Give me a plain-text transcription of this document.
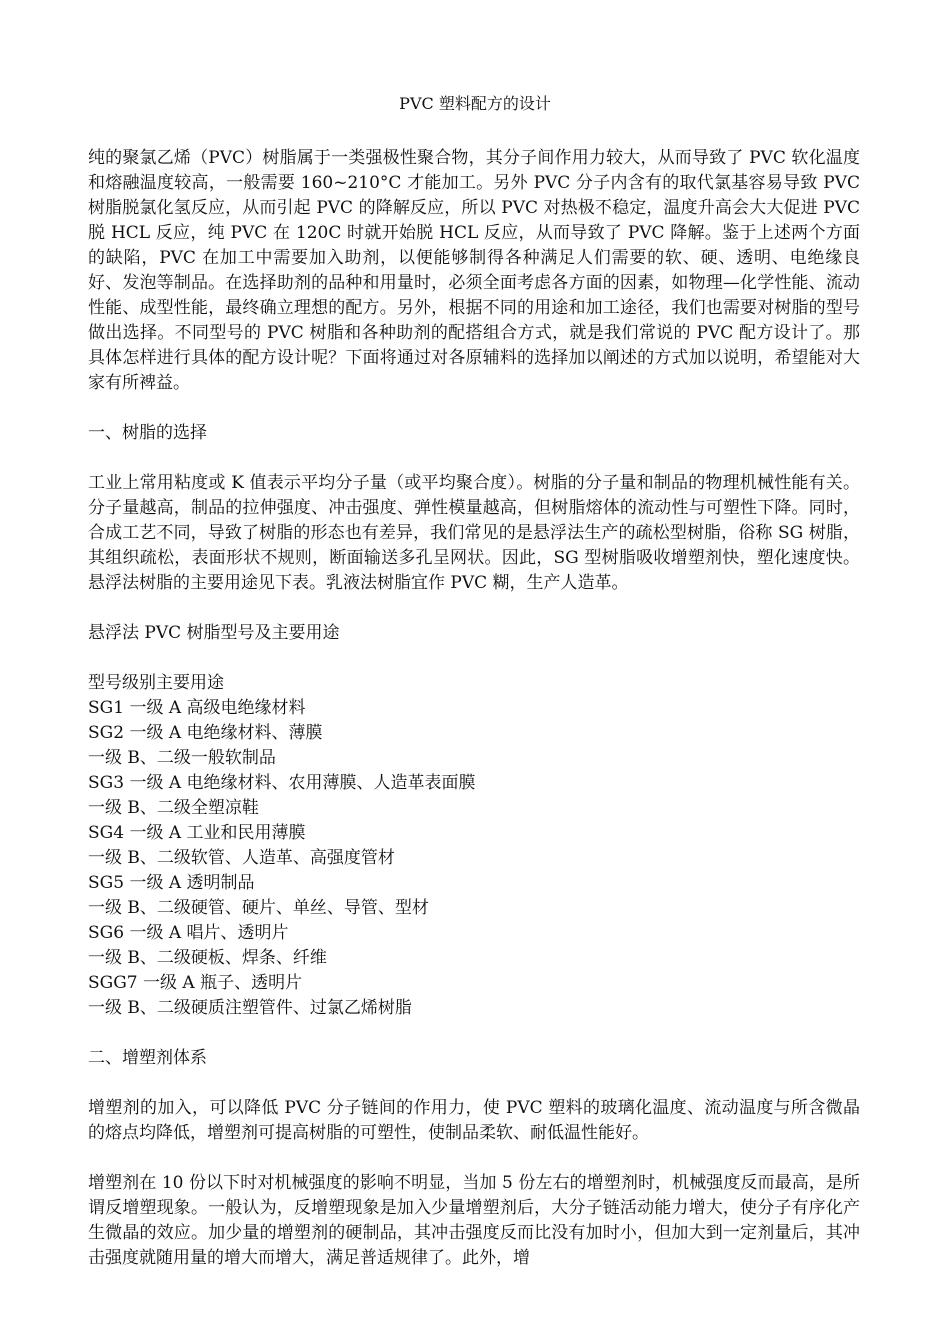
PVC 塑料配方的设计

纯的聚氯乙烯（PVC）树脂属于一类强极性聚合物，其分子间作用力较大，从而导致了 PVC 软化温度和熔融温度较高，一般需要 160~210°C 才能加工。另外 PVC 分子内含有的取代氯基容易导致 PVC 树脂脱氯化氢反应，从而引起 PVC 的降解反应，所以 PVC 对热极不稳定，温度升高会大大促进 PVC 脱 HCL 反应，纯 PVC 在 120C 时就开始脱 HCL 反应，从而导致了 PVC 降解。鉴于上述两个方面的缺陷，PVC 在加工中需要加入助剂，以便能够制得各种满足人们需要的软、硬、透明、电绝缘良好、发泡等制品。在选择助剂的品种和用量时，必须全面考虑各方面的因素，如物理—化学性能、流动性能、成型性能，最终确立理想的配方。另外，根据不同的用途和加工途径，我们也需要对树脂的型号做出选择。不同型号的 PVC 树脂和各种助剂的配搭组合方式，就是我们常说的 PVC 配方设计了。那具体怎样进行具体的配方设计呢？下面将通过对各原辅料的选择加以阐述的方式加以说明，希望能对大家有所裨益。

一、树脂的选择

工业上常用粘度或 K 值表示平均分子量（或平均聚合度）。树脂的分子量和制品的物理机械性能有关。分子量越高，制品的拉伸强度、冲击强度、弹性模量越高，但树脂熔体的流动性与可塑性下降。同时，合成工艺不同，导致了树脂的形态也有差异，我们常见的是悬浮法生产的疏松型树脂，俗称 SG 树脂，其组织疏松，表面形状不规则，断面输送多孔呈网状。因此，SG 型树脂吸收增塑剂快，塑化速度快。悬浮法树脂的主要用途见下表。乳液法树脂宜作 PVC 糊，生产人造革。

悬浮法 PVC 树脂型号及主要用途

型号级别主要用途
SG1 一级 A 高级电绝缘材料
SG2 一级 A 电绝缘材料、薄膜
一级 B、二级一般软制品
SG3 一级 A 电绝缘材料、农用薄膜、人造革表面膜
一级 B、二级全塑凉鞋
SG4 一级 A 工业和民用薄膜
一级 B、二级软管、人造革、高强度管材
SG5 一级 A 透明制品
一级 B、二级硬管、硬片、单丝、导管、型材
SG6 一级 A 唱片、透明片
一级 B、二级硬板、焊条、纤维
SGG7 一级 A 瓶子、透明片
一级 B、二级硬质注塑管件、过氯乙烯树脂
二、增塑剂体系

增塑剂的加入，可以降低 PVC 分子链间的作用力，使 PVC 塑料的玻璃化温度、流动温度与所含微晶的熔点均降低，增塑剂可提高树脂的可塑性，使制品柔软、耐低温性能好。

增塑剂在 10 份以下时对机械强度的影响不明显，当加 5 份左右的增塑剂时，机械强度反而最高，是所谓反增塑现象。一般认为，反增塑现象是加入少量增塑剂后，大分子链活动能力增大，使分子有序化产生微晶的效应。加少量的增塑剂的硬制品，其冲击强度反而比没有加时小，但加大到一定剂量后，其冲击强度就随用量的增大而增大，满足普适规律了。此外，增
